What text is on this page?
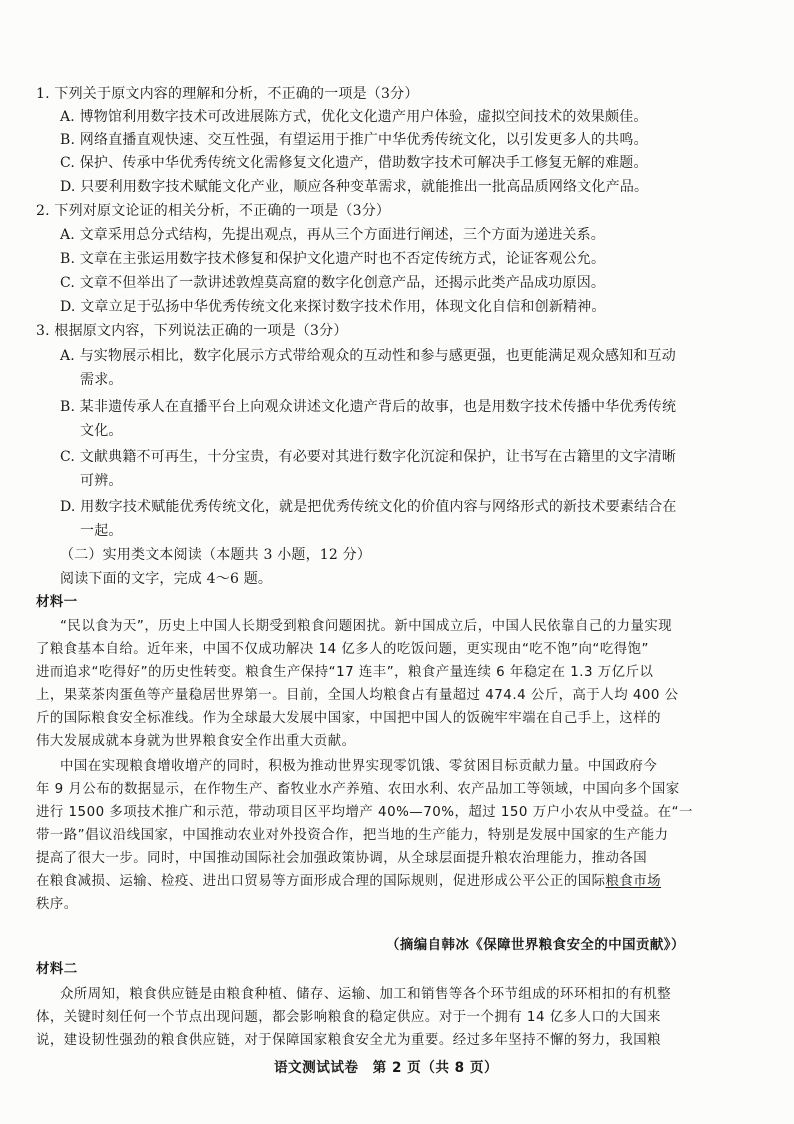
1. 下列关于原文内容的理解和分析，不正确的一项是（3分）
A. 博物馆利用数字技术可改进展陈方式，优化文化遗产用户体验，虚拟空间技术的效果颇佳。
B. 网络直播直观快速、交互性强，有望运用于推广中华优秀传统文化，以引发更多人的共鸣。
C. 保护、传承中华优秀传统文化需修复文化遗产，借助数字技术可解决手工修复无解的难题。
D. 只要利用数字技术赋能文化产业，顺应各种变革需求，就能推出一批高品质网络文化产品。
2. 下列对原文论证的相关分析，不正确的一项是（3分）
A. 文章采用总分式结构，先提出观点，再从三个方面进行阐述，三个方面为递进关系。
B. 文章在主张运用数字技术修复和保护文化遗产时也不否定传统方式，论证客观公允。
C. 文章不但举出了一款讲述敦煌莫高窟的数字化创意产品，还揭示此类产品成功原因。
D. 文章立足于弘扬中华优秀传统文化来探讨数字技术作用，体现文化自信和创新精神。
3. 根据原文内容，下列说法正确的一项是（3分）
A. 与实物展示相比，数字化展示方式带给观众的互动性和参与感更强，也更能满足观众感知和互动
需求。
B. 某非遗传承人在直播平台上向观众讲述文化遗产背后的故事，也是用数字技术传播中华优秀传统
文化。
C. 文献典籍不可再生，十分宝贵，有必要对其进行数字化沉淀和保护，让书写在古籍里的文字清晰
可辨。
D. 用数字技术赋能优秀传统文化，就是把优秀传统文化的价值内容与网络形式的新技术要素结合在
一起。
（二）实用类文本阅读（本题共 3 小题，12 分）
阅读下面的文字，完成 4～6 题。
材料一
“民以食为天”，历史上中国人长期受到粮食问题困扰。新中国成立后，中国人民依靠自己的力量实现
了粮食基本自给。近年来，中国不仅成功解决 14 亿多人的吃饭问题，更实现由“吃不饱”向“吃得饱”
进而追求“吃得好”的历史性转变。粮食生产保持“17 连丰”，粮食产量连续 6 年稳定在 1.3 万亿斤以
上，果菜茶肉蛋鱼等产量稳居世界第一。目前，全国人均粮食占有量超过 474.4 公斤，高于人均 400 公
斤的国际粮食安全标准线。作为全球最大发展中国家，中国把中国人的饭碗牢牢端在自己手上，这样的
伟大发展成就本身就为世界粮食安全作出重大贡献。
中国在实现粮食增收增产的同时，积极为推动世界实现零饥饿、零贫困目标贡献力量。中国政府今
年 9 月公布的数据显示，在作物生产、畜牧业水产养殖、农田水利、农产品加工等领域，中国向多个国家
进行 1500 多项技术推广和示范，带动项目区平均增产 40%—70%，超过 150 万户小农从中受益。在“一
带一路”倡议沿线国家，中国推动农业对外投资合作，把当地的生产能力，特别是发展中国家的生产能力
提高了很大一步。同时，中国推动国际社会加强政策协调，从全球层面提升粮农治理能力，推动各国
在粮食减损、运输、检疫、进出口贸易等方面形成合理的国际规则，促进形成公平公正的国际粮食市场
秩序。
（摘编自韩冰《保障世界粮食安全的中国贡献》）
材料二
众所周知，粮食供应链是由粮食种植、储存、运输、加工和销售等各个环节组成的环环相扣的有机整
体，关键时刻任何一个节点出现问题，都会影响粮食的稳定供应。对于一个拥有 14 亿多人口的大国来
说，建设韧性强劲的粮食供应链，对于保障国家粮食安全尤为重要。经过多年坚持不懈的努力，我国粮
语文测试试卷　第 2 页（共 8 页）
